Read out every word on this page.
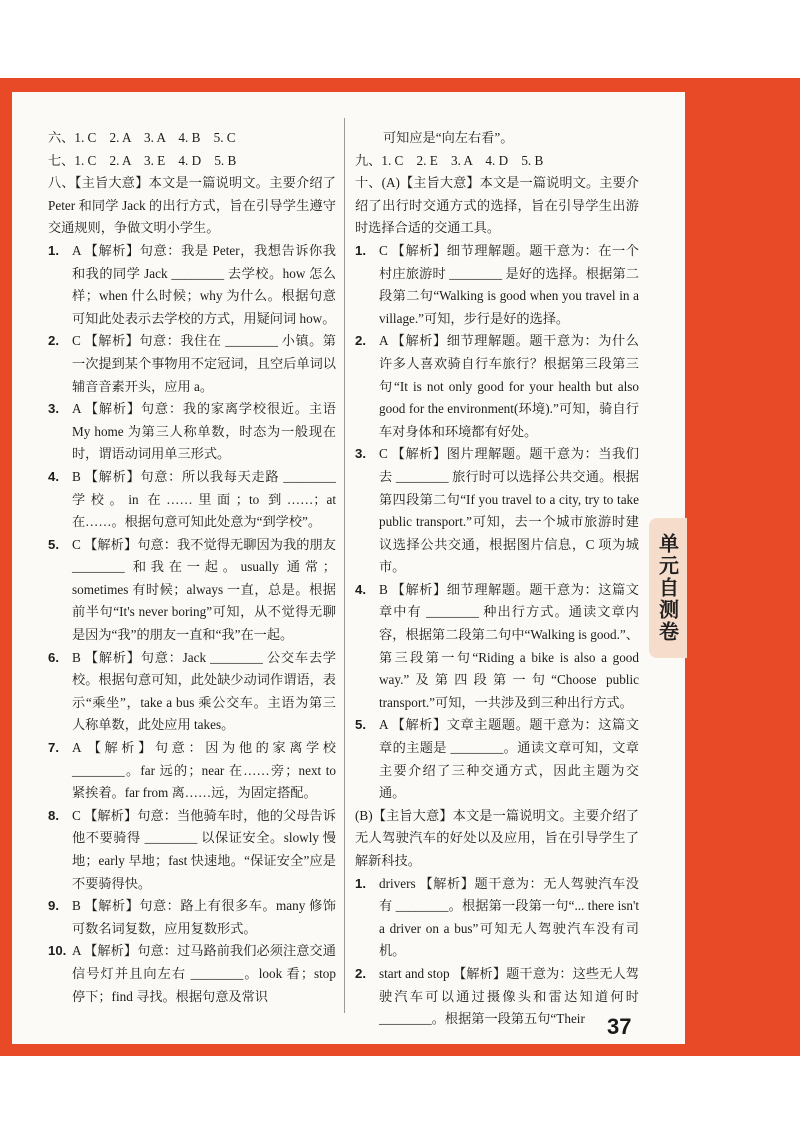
六、1. C　2. A　3. A　4. B　5. C

七、1. C　2. A　3. E　4. D　5. B

八、【主旨大意】本文是一篇说明文。主要介绍了 Peter 和同学 Jack 的出行方式，旨在引导学生遵守交通规则，争做文明小学生。

1. A 【解析】句意：我是 Peter，我想告诉你我和我的同学 Jack ________ 去学校。how 怎么样；when 什么时候；why 为什么。根据句意可知此处表示去学校的方式，用疑问词 how。

2. C 【解析】句意：我住在 ________ 小镇。第一次提到某个事物用不定冠词，且空后单词以辅音音素开头，应用 a。

3. A 【解析】句意：我的家离学校很近。主语 My home 为第三人称单数，时态为一般现在时，谓语动词用单三形式。

4. B 【解析】句意：所以我每天走路 ________ 学校。in 在……里面；to 到……；at 在……。根据句意可知此处意为“到学校”。

5. C 【解析】句意：我不觉得无聊因为我的朋友 ________ 和我在一起。usually 通常；sometimes 有时候；always 一直，总是。根据前半句“It's never boring”可知，从不觉得无聊是因为“我”的朋友一直和“我”在一起。

6. B 【解析】句意：Jack ________ 公交车去学校。根据句意可知，此处缺少动词作谓语，表示“乘坐”，take a bus 乘公交车。主语为第三人称单数，此处应用 takes。

7. A 【解析】句意：因为他的家离学校 ________。far 远的；near 在……旁；next to 紧挨着。far from 离……远，为固定搭配。

8. C 【解析】句意：当他骑车时，他的父母告诉他不要骑得 ________ 以保证安全。slowly 慢地；early 早地；fast 快速地。“保证安全”应是不要骑得快。

9. B 【解析】句意：路上有很多车。many 修饰可数名词复数，应用复数形式。

10. A 【解析】句意：过马路前我们必须注意交通信号灯并且向左右 ________。look 看；stop 停下；find 寻找。根据句意及常识

可知应是“向左右看”。

九、1. C　2. E　3. A　4. D　5. B

十、(A)【主旨大意】本文是一篇说明文。主要介绍了出行时交通方式的选择，旨在引导学生出游时选择合适的交通工具。

1. C 【解析】细节理解题。题干意为：在一个村庄旅游时 ________ 是好的选择。根据第二段第二句“Walking is good when you travel in a village.”可知，步行是好的选择。

2. A 【解析】细节理解题。题干意为：为什么许多人喜欢骑自行车旅行？根据第三段第三句“It is not only good for your health but also good for the environment(环境).”可知，骑自行车对身体和环境都有好处。

3. C 【解析】图片理解题。题干意为：当我们去 ________ 旅行时可以选择公共交通。根据第四段第二句“If you travel to a city, try to take public transport.”可知，去一个城市旅游时建议选择公共交通，根据图片信息，C 项为城市。

4. B 【解析】细节理解题。题干意为：这篇文章中有 ________ 种出行方式。通读文章内容，根据第二段第二句中“Walking is good.”、第三段第一句“Riding a bike is also a good way.”及第四段第一句“Choose public transport.”可知，一共涉及到三种出行方式。

5. A 【解析】文章主题题。题干意为：这篇文章的主题是 ________。通读文章可知，文章主要介绍了三种交通方式，因此主题为交通。

(B)【主旨大意】本文是一篇说明文。主要介绍了无人驾驶汽车的好处以及应用，旨在引导学生了解新科技。

1. drivers 【解析】题干意为：无人驾驶汽车没有 ________。根据第一段第一句“... there isn't a driver on a bus”可知无人驾驶汽车没有司机。

2. start and stop 【解析】题干意为：这些无人驾驶汽车可以通过摄像头和雷达知道何时 ________。根据第一段第五句“Their

单元自测卷
37
